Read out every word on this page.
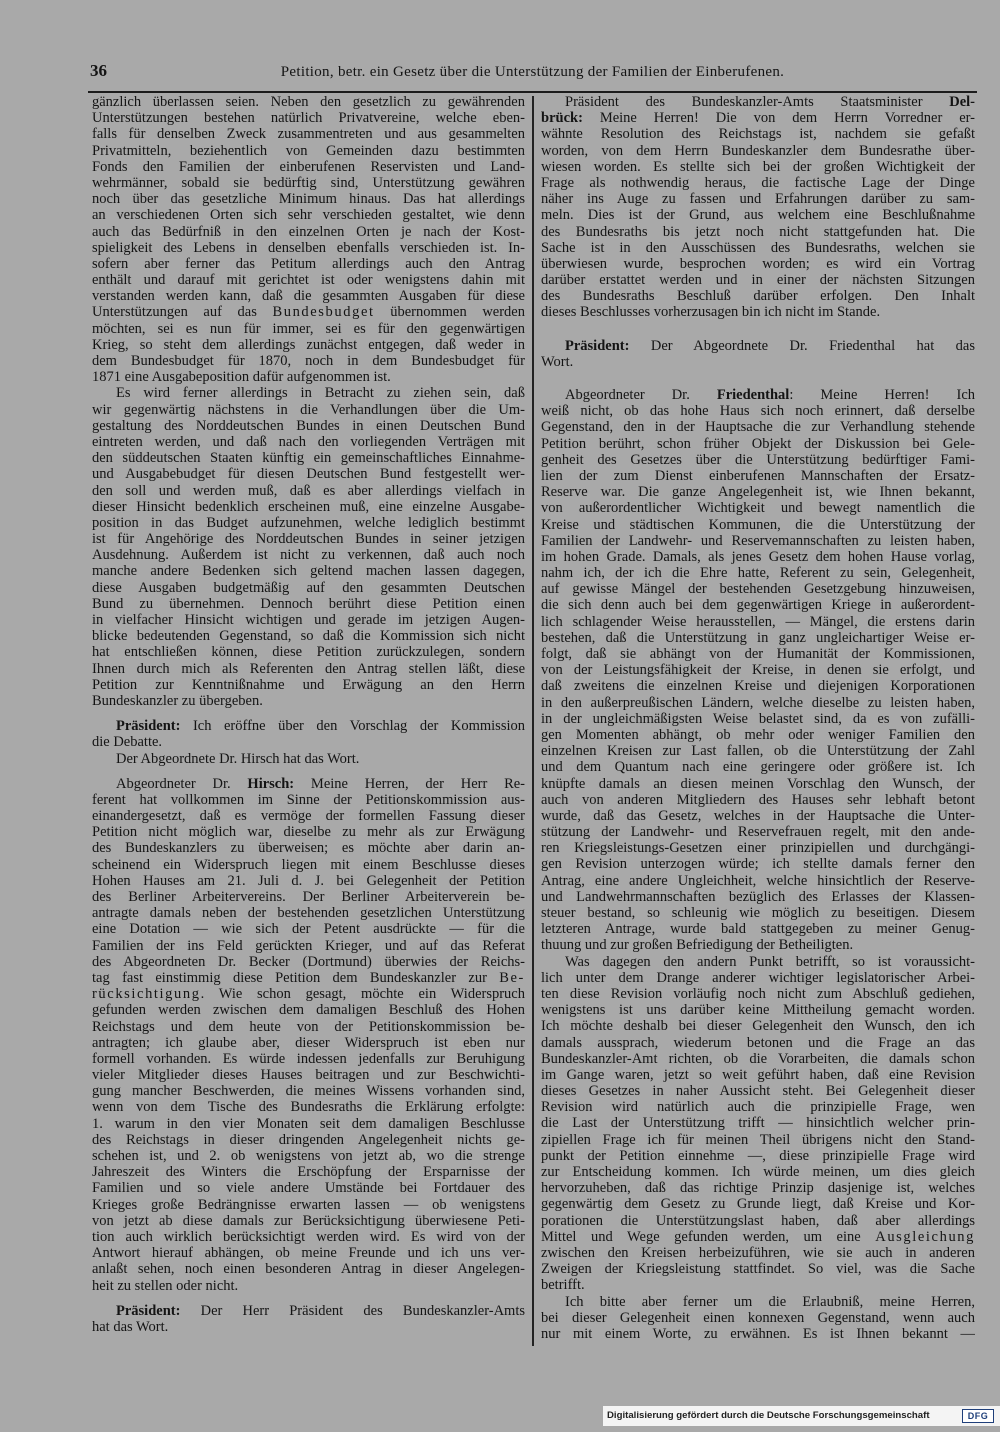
36	Petition, betr. ein Gesetz über die Unterstützung der Familien der Einberufenen.
gänzlich überlassen seien. Neben den gesetzlich zu gewährenden
Unterstützungen bestehen natürlich Privatvereine, welche eben-
falls für denselben Zweck zusammentreten und aus gesammelten
Privatmitteln, beziehentlich von Gemeinden dazu bestimmten
Fonds den Familien der einberufenen Reservisten und Land-
wehrmänner, sobald sie bedürftig sind, Unterstützung gewähren
noch über das gesetzliche Minimum hinaus. Das hat allerdings
an verschiedenen Orten sich sehr verschieden gestaltet, wie denn
auch das Bedürfniß in den einzelnen Orten je nach der Kost-
spieligkeit des Lebens in denselben ebenfalls verschieden ist. In-
sofern aber ferner das Petitum allerdings auch den Antrag
enthält und darauf mit gerichtet ist oder wenigstens dahin mit
verstanden werden kann, daß die gesammten Ausgaben für diese
Unterstützungen auf das Bundesbudget übernommen werden
möchten, sei es nun für immer, sei es für den gegenwärtigen
Krieg, so steht dem allerdings zunächst entgegen, daß weder in
dem Bundesbudget für 1870, noch in dem Bundesbudget für
1871 eine Ausgabeposition dafür aufgenommen ist.
Es wird ferner allerdings in Betracht zu ziehen sein, daß
wir gegenwärtig nächstens in die Verhandlungen über die Um-
gestaltung des Norddeutschen Bundes in einen Deutschen Bund
eintreten werden, und daß nach den vorliegenden Verträgen mit
den süddeutschen Staaten künftig ein gemeinschaftliches Einnahme-
und Ausgabebudget für diesen Deutschen Bund festgestellt wer-
den soll und werden muß, daß es aber allerdings vielfach in
dieser Hinsicht bedenklich erscheinen muß, eine einzelne Ausgabe-
position in das Budget aufzunehmen, welche lediglich bestimmt
ist für Angehörige des Norddeutschen Bundes in seiner jetzigen
Ausdehnung. Außerdem ist nicht zu verkennen, daß auch noch
manche andere Bedenken sich geltend machen lassen dagegen,
diese Ausgaben budgetmäßig auf den gesammten Deutschen
Bund zu übernehmen. Dennoch berührt diese Petition einen
in vielfacher Hinsicht wichtigen und gerade im jetzigen Augen-
blicke bedeutenden Gegenstand, so daß die Kommission sich nicht
hat entschließen können, diese Petition zurückzulegen, sondern
Ihnen durch mich als Referenten den Antrag stellen läßt, diese
Petition zur Kenntnißnahme und Erwägung an den Herrn
Bundeskanzler zu übergeben.
Präsident: Ich eröffne über den Vorschlag der Kommission
die Debatte.
Der Abgeordnete Dr. Hirsch hat das Wort.
Abgeordneter Dr. Hirsch: Meine Herren, der Herr Re-
ferent hat vollkommen im Sinne der Petitionskommission aus-
einandergesetzt, daß es vermöge der formellen Fassung dieser
Petition nicht möglich war, dieselbe zu mehr als zur Erwägung
des Bundeskanzlers zu überweisen; es möchte aber darin an-
scheinend ein Widerspruch liegen mit einem Beschlusse dieses
Hohen Hauses am 21. Juli d. J. bei Gelegenheit der Petition
des Berliner Arbeitervereins. Der Berliner Arbeiterverein be-
antragte damals neben der bestehenden gesetzlichen Unterstützung
eine Dotation — wie sich der Petent ausdrückte — für die
Familien der ins Feld gerückten Krieger, und auf das Referat
des Abgeordneten Dr. Becker (Dortmund) überwies der Reichs-
tag fast einstimmig diese Petition dem Bundeskanzler zur Be-
rücksichtigung. Wie schon gesagt, möchte ein Widerspruch
gefunden werden zwischen dem damaligen Beschluß des Hohen
Reichstags und dem heute von der Petitionskommission be-
antragten; ich glaube aber, dieser Widerspruch ist eben nur
formell vorhanden. Es würde indessen jedenfalls zur Beruhigung
vieler Mitglieder dieses Hauses beitragen und zur Beschwichti-
gung mancher Beschwerden, die meines Wissens vorhanden sind,
wenn von dem Tische des Bundesraths die Erklärung erfolgte:
1. warum in den vier Monaten seit dem damaligen Beschlusse
des Reichstags in dieser dringenden Angelegenheit nichts ge-
schehen ist, und 2. ob wenigstens von jetzt ab, wo die strenge
Jahreszeit des Winters die Erschöpfung der Ersparnisse der
Familien und so viele andere Umstände bei Fortdauer des
Krieges große Bedrängnisse erwarten lassen — ob wenigstens
von jetzt ab diese damals zur Berücksichtigung überwiesene Peti-
tion auch wirklich berücksichtigt werden wird. Es wird von der
Antwort hierauf abhängen, ob meine Freunde und ich uns ver-
anlaßt sehen, noch einen besonderen Antrag in dieser Angelegen-
heit zu stellen oder nicht.
Präsident: Der Herr Präsident des Bundeskanzler-Amts
hat das Wort.
Präsident des Bundeskanzler-Amts Staatsminister Del-
brück: Meine Herren! Die von dem Herrn Vorredner er-
wähnte Resolution des Reichstags ist, nachdem sie gefaßt
worden, von dem Herrn Bundeskanzler dem Bundesrathe über-
wiesen worden. Es stellte sich bei der großen Wichtigkeit der
Frage als nothwendig heraus, die factische Lage der Dinge
näher ins Auge zu fassen und Erfahrungen darüber zu sam-
meln. Dies ist der Grund, aus welchem eine Beschlußnahme
des Bundesraths bis jetzt noch nicht stattgefunden hat. Die
Sache ist in den Ausschüssen des Bundesraths, welchen sie
überwiesen wurde, besprochen worden; es wird ein Vortrag
darüber erstattet werden und in einer der nächsten Sitzungen
des Bundesraths Beschluß darüber erfolgen. Den Inhalt
dieses Beschlusses vorherzusagen bin ich nicht im Stande.
Präsident: Der Abgeordnete Dr. Friedenthal hat das
Wort.
Abgeordneter Dr. Friedenthal: Meine Herren! Ich
weiß nicht, ob das hohe Haus sich noch erinnert, daß derselbe
Gegenstand, den in der Hauptsache die zur Verhandlung stehende
Petition berührt, schon früher Objekt der Diskussion bei Gele-
genheit des Gesetzes über die Unterstützung bedürftiger Fami-
lien der zum Dienst einberufenen Mannschaften der Ersatz-
Reserve war. Die ganze Angelegenheit ist, wie Ihnen bekannt,
von außerordentlicher Wichtigkeit und bewegt namentlich die
Kreise und städtischen Kommunen, die die Unterstützung der
Familien der Landwehr- und Reservemannschaften zu leisten haben,
im hohen Grade. Damals, als jenes Gesetz dem hohen Hause vorlag,
nahm ich, der ich die Ehre hatte, Referent zu sein, Gelegenheit,
auf gewisse Mängel der bestehenden Gesetzgebung hinzuweisen,
die sich denn auch bei dem gegenwärtigen Kriege in außerordent-
lich schlagender Weise herausstellen, — Mängel, die erstens darin
bestehen, daß die Unterstützung in ganz ungleichartiger Weise er-
folgt, daß sie abhängt von der Humanität der Kommissionen,
von der Leistungsfähigkeit der Kreise, in denen sie erfolgt, und
daß zweitens die einzelnen Kreise und diejenigen Korporationen
in den außerpreußischen Ländern, welche dieselbe zu leisten haben,
in der ungleichmäßigsten Weise belastet sind, da es von zufälli-
gen Momenten abhängt, ob mehr oder weniger Familien den
einzelnen Kreisen zur Last fallen, ob die Unterstützung der Zahl
und dem Quantum nach eine geringere oder größere ist. Ich
knüpfte damals an diesen meinen Vorschlag den Wunsch, der
auch von anderen Mitgliedern des Hauses sehr lebhaft betont
wurde, daß das Gesetz, welches in der Hauptsache die Unter-
stützung der Landwehr- und Reservefrauen regelt, mit den ande-
ren Kriegsleistungs-Gesetzen einer prinzipiellen und durchgängi-
gen Revision unterzogen würde; ich stellte damals ferner den
Antrag, eine andere Ungleichheit, welche hinsichtlich der Reserve-
und Landwehrmannschaften bezüglich des Erlasses der Klassen-
steuer bestand, so schleunig wie möglich zu beseitigen. Diesem
letzteren Antrage, wurde bald stattgegeben zu meiner Genug-
thuung und zur großen Befriedigung der Betheiligten.
Was dagegen den andern Punkt betrifft, so ist voraussicht-
lich unter dem Drange anderer wichtiger legislatorischer Arbei-
ten diese Revision vorläufig noch nicht zum Abschluß gediehen,
wenigstens ist uns darüber keine Mittheilung gemacht worden.
Ich möchte deshalb bei dieser Gelegenheit den Wunsch, den ich
damals aussprach, wiederum betonen und die Frage an das
Bundeskanzler-Amt richten, ob die Vorarbeiten, die damals schon
im Gange waren, jetzt so weit geführt haben, daß eine Revision
dieses Gesetzes in naher Aussicht steht. Bei Gelegenheit dieser
Revision wird natürlich auch die prinzipielle Frage, wen
die Last der Unterstützung trifft — hinsichtlich welcher prin-
zipiellen Frage ich für meinen Theil übrigens nicht den Stand-
punkt der Petition einnehme —, diese prinzipielle Frage wird
zur Entscheidung kommen. Ich würde meinen, um dies gleich
hervorzuheben, daß das richtige Prinzip dasjenige ist, welches
gegenwärtig dem Gesetz zu Grunde liegt, daß Kreise und Kor-
porationen die Unterstützungslast haben, daß aber allerdings
Mittel und Wege gefunden werden, um eine Ausgleichung
zwischen den Kreisen herbeizuführen, wie sie auch in anderen
Zweigen der Kriegsleistung stattfindet. So viel, was die Sache
betrifft.
Ich bitte aber ferner um die Erlaubniß, meine Herren,
bei dieser Gelegenheit einen konnexen Gegenstand, wenn auch
nur mit einem Worte, zu erwähnen. Es ist Ihnen bekannt —
Digitalisierung gefördert durch die Deutsche Forschungsgemeinschaft	DFG
